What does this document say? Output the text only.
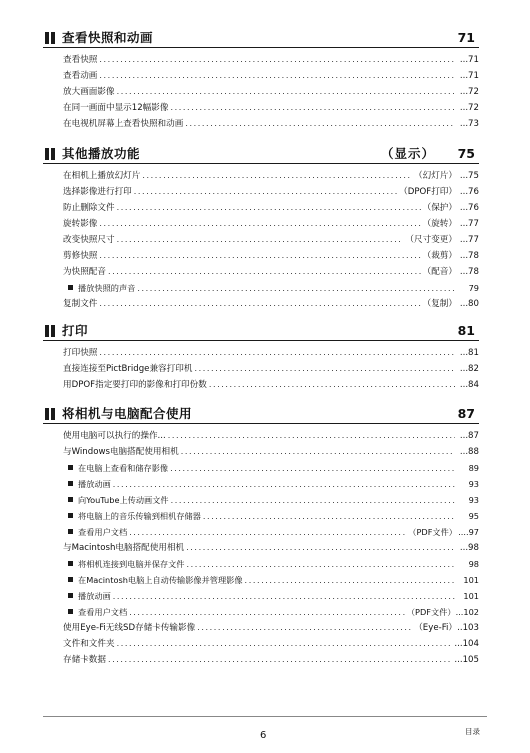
查看快照和动画	71
查看快照 .....	...71
查看动画 .....	...71
放大画面影像 .....	...72
在同一画面中显示12幅影像 .....	...72
在电视机屏幕上查看快照和动画 .....	...73
其他播放功能	（显示） 75
在相机上播放幻灯片 .....	（幻灯片） ...75
选择影像进行打印 .....	（DPOF打印） ...76
防止删除文件 .....	（保护） ...76
旋转影像 .....	（旋转） ...77
改变快照尺寸 .....	（尺寸变更） ...77
剪修快照 .....	（裁剪） ...78
为快照配音 .....	（配音） ...78
播放快照的声音 .....	79
复制文件 .....	（复制） ...80
打印	81
打印快照 .....	...81
直接连接至PictBridge兼容打印机 .....	...82
用DPOF指定要打印的影像和打印份数 .....	...84
将相机与电脑配合使用	87
使用电脑可以执行的操作... .....	...87
与Windows电脑搭配使用相机 .....	...88
在电脑上查看和储存影像 .....	89
播放动画 .....	93
向YouTube上传动画文件 .....	93
将电脑上的音乐传输到相机存储器 .....	95
查看用户文档 .....	（PDF文件） ....97
与Macintosh电脑搭配使用相机 .....	...98
将相机连接到电脑并保存文件 .....	98
在Macintosh电脑上自动传输影像并管理影像 .....	101
播放动画 .....	101
查看用户文档 .....	（PDF文件） ...102
使用Eye-Fi无线SD存储卡传输影像 .....	（Eye-Fi） ..103
文件和文件夹 .....	...104
存储卡数据 .....	...105
6	目录
